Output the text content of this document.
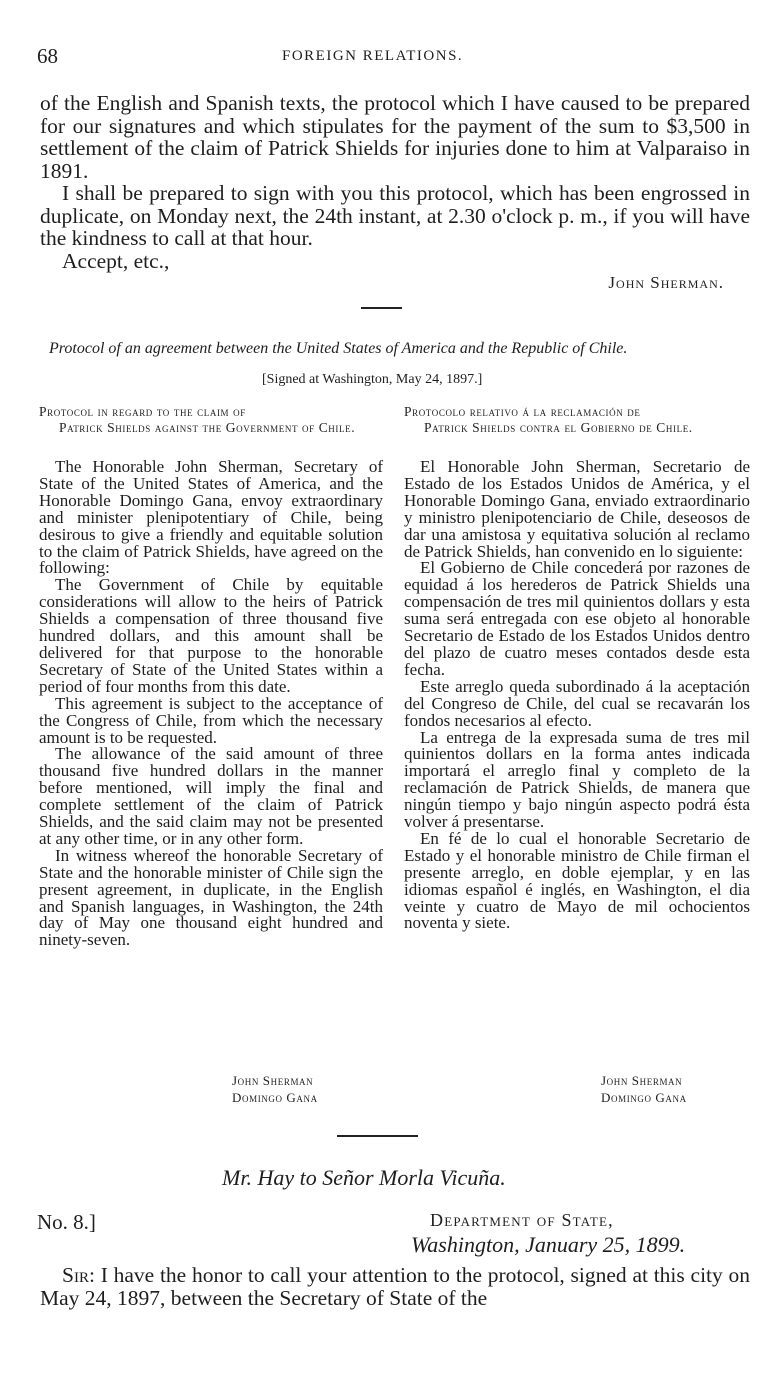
68	FOREIGN RELATIONS.

of the English and Spanish texts, the protocol which I have caused to be prepared for our signatures and which stipulates for the payment of the sum to $3,500 in settlement of the claim of Patrick Shields for injuries done to him at Valparaiso in 1891.

I shall be prepared to sign with you this protocol, which has been engrossed in duplicate, on Monday next, the 24th instant, at 2.30 o'clock p. m., if you will have the kindness to call at that hour.

Accept, etc.,

John Sherman.
Protocol of an agreement between the United States of America and the Republic of Chile.
[Signed at Washington, May 24, 1897.]
Protocol in regard to the claim of
Patrick Shields against the Government of Chile.

The Honorable John Sherman, Secretary of State of the United States of America, and the Honorable Domingo Gana, envoy extraordinary and minister plenipotentiary of Chile, being desirous to give a friendly and equitable solution to the claim of Patrick Shields, have agreed on the following:

The Government of Chile by equitable considerations will allow to the heirs of Patrick Shields a compensation of three thousand five hundred dollars, and this amount shall be delivered for that purpose to the honorable Secretary of State of the United States within a period of four months from this date.

This agreement is subject to the acceptance of the Congress of Chile, from which the necessary amount is to be requested.

The allowance of the said amount of three thousand five hundred dollars in the manner before mentioned, will imply the final and complete settlement of the claim of Patrick Shields, and the said claim may not be presented at any other time, or in any other form.

In witness whereof the honorable Secretary of State and the honorable minister of Chile sign the present agreement, in duplicate, in the English and Spanish languages, in Washington, the 24th day of May one thousand eight hundred and ninety-seven.

John Sherman
Domingo Gana
Protocolo relativo á la reclamación de
Patrick Shields contra el Gobierno de Chile.

El Honorable John Sherman, Secretario de Estado de los Estados Unidos de América, y el Honorable Domingo Gana, enviado extraordinario y ministro plenipotenciario de Chile, deseosos de dar una amistosa y equitativa solución al reclamo de Patrick Shields, han convenido en lo siguiente:

El Gobierno de Chile concederá por razones de equidad á los herederos de Patrick Shields una compensación de tres mil quinientos dollars y esta suma será entregada con ese objeto al honorable Secretario de Estado de los Estados Unidos dentro del plazo de cuatro meses contados desde esta fecha.

Este arreglo queda subordinado á la aceptación del Congreso de Chile, del cual se recavarán los fondos necesarios al efecto.

La entrega de la expresada suma de tres mil quinientos dollars en la forma antes indicada importará el arreglo final y completo de la reclamación de Patrick Shields, de manera que ningún tiempo y bajo ningún aspecto podrá ésta volver á presentarse.

En fé de lo cual el honorable Secretario de Estado y el honorable ministro de Chile firman el presente arreglo, en doble ejemplar, y en las idiomas español é inglés, en Washington, el dia veinte y cuatro de Mayo de mil ochocientos noventa y siete.

John Sherman
Domingo Gana
Mr. Hay to Señor Morla Vicuña.
No. 8.]	Department of State,
Washington, January 25, 1899.

Sir: I have the honor to call your attention to the protocol, signed at this city on May 24, 1897, between the Secretary of State of the
